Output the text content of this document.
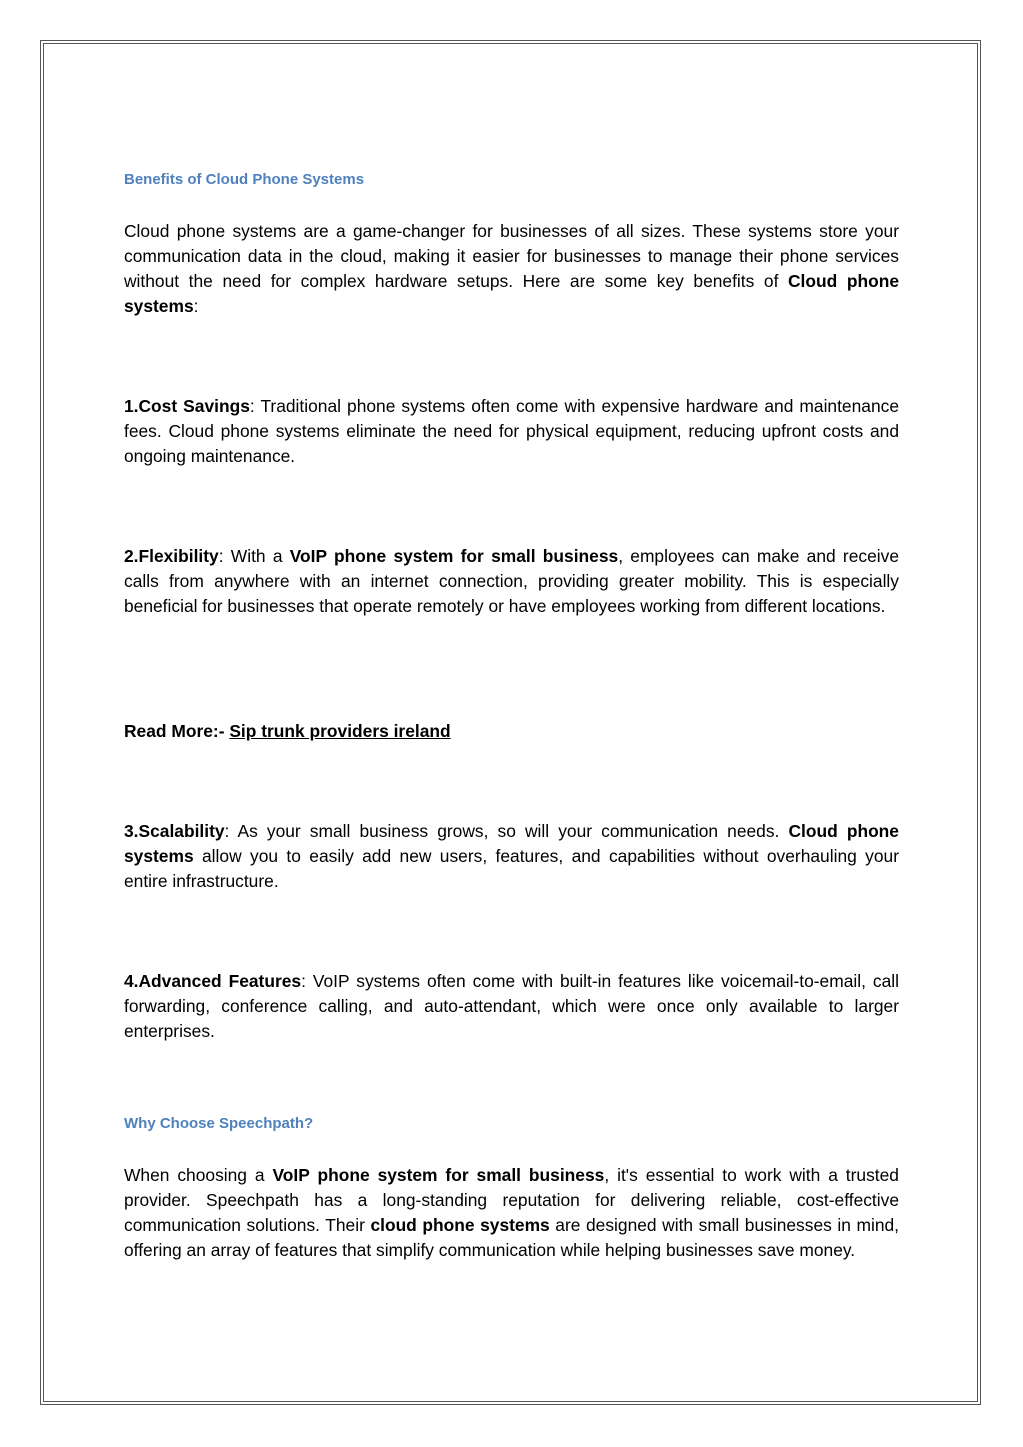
Benefits of Cloud Phone Systems

Cloud phone systems are a game-changer for businesses of all sizes. These systems store your communication data in the cloud, making it easier for businesses to manage their phone services without the need for complex hardware setups. Here are some key benefits of Cloud phone systems:

1.Cost Savings: Traditional phone systems often come with expensive hardware and maintenance fees. Cloud phone systems eliminate the need for physical equipment, reducing upfront costs and ongoing maintenance.

2.Flexibility: With a VoIP phone system for small business, employees can make and receive calls from anywhere with an internet connection, providing greater mobility. This is especially beneficial for businesses that operate remotely or have employees working from different locations.

Read More:- Sip trunk providers ireland

3.Scalability: As your small business grows, so will your communication needs. Cloud phone systems allow you to easily add new users, features, and capabilities without overhauling your entire infrastructure.

4.Advanced Features: VoIP systems often come with built-in features like voicemail-to-email, call forwarding, conference calling, and auto-attendant, which were once only available to larger enterprises.

Why Choose Speechpath?

When choosing a VoIP phone system for small business, it's essential to work with a trusted provider. Speechpath has a long-standing reputation for delivering reliable, cost-effective communication solutions. Their cloud phone systems are designed with small businesses in mind, offering an array of features that simplify communication while helping businesses save money.
